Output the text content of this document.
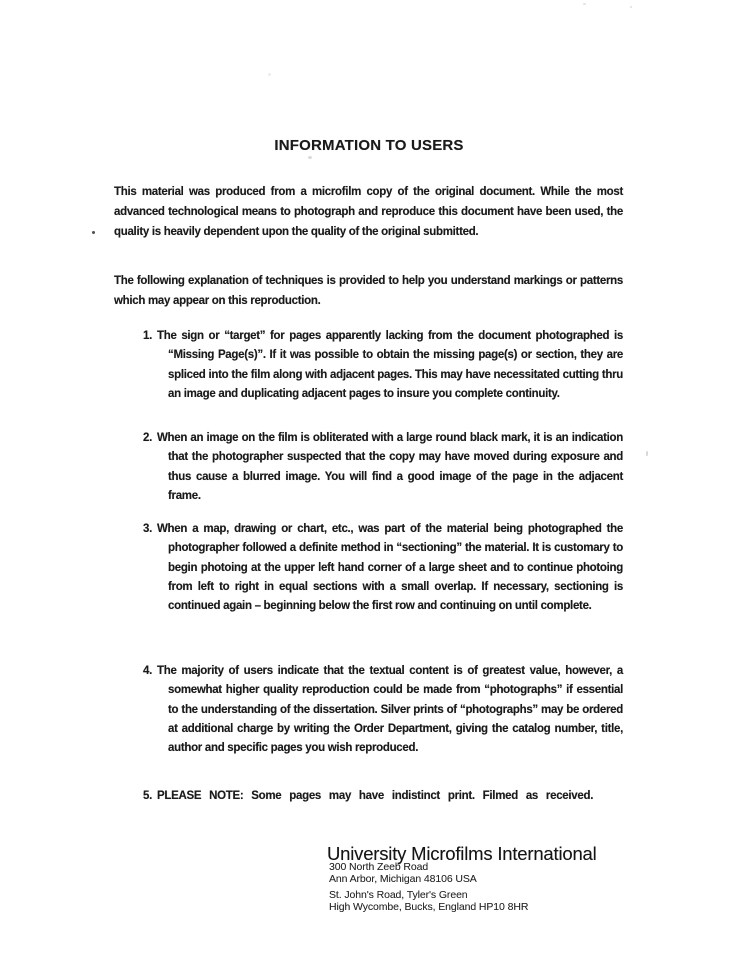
INFORMATION TO USERS

This material was produced from a microfilm copy of the original document. While the most advanced technological means to photograph and reproduce this document have been used, the quality is heavily dependent upon the quality of the original submitted.

The following explanation of techniques is provided to help you understand markings or patterns which may appear on this reproduction.

1. The sign or “target” for pages apparently lacking from the document photographed is “Missing Page(s)”. If it was possible to obtain the missing page(s) or section, they are spliced into the film along with adjacent pages. This may have necessitated cutting thru an image and duplicating adjacent pages to insure you complete continuity.
2. When an image on the film is obliterated with a large round black mark, it is an indication that the photographer suspected that the copy may have moved during exposure and thus cause a blurred image. You will find a good image of the page in the adjacent frame.
3. When a map, drawing or chart, etc., was part of the material being photographed the photographer followed a definite method in “sectioning” the material. It is customary to begin photoing at the upper left hand corner of a large sheet and to continue photoing from left to right in equal sections with a small overlap. If necessary, sectioning is continued again – beginning below the first row and continuing on until complete.
4. The majority of users indicate that the textual content is of greatest value, however, a somewhat higher quality reproduction could be made from “photographs” if essential to the understanding of the dissertation. Silver prints of “photographs” may be ordered at additional charge by writing the Order Department, giving the catalog number, title, author and specific pages you wish reproduced.
5. PLEASE NOTE: Some pages may have indistinct print. Filmed as received.
University Microfilms International
300 North Zeeb Road
Ann Arbor, Michigan 48106 USA
St. John's Road, Tyler's Green
High Wycombe, Bucks, England HP10 8HR
